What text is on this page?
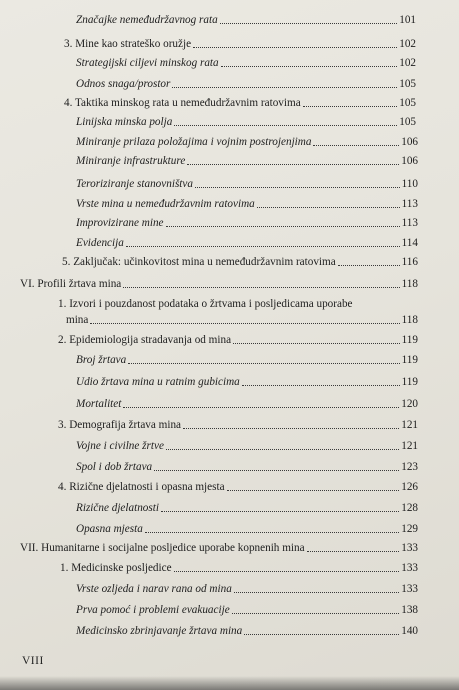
Značajke nemeđudržavnog rata	101
3. Mine kao strateško oružje	102
Strategijski ciljevi minskog rata	102
Odnos snaga/prostor	105
4. Taktika minskog rata u nemeđudržavnim ratovima	105
Linijska minska polja	105
Miniranje prilaza položajima i vojnim postrojenjima	106
Miniranje infrastrukture	106
Teroriziranje stanovništva	110
Vrste mina u nemeđudržavnim ratovima	113
Improvizirane mine	113
Evidencija	114
5. Zaključak: učinkovitost mina u nemeđudržavnim ratovima	116
VI. Profili žrtava mina	118
1. Izvori i pouzdanost podataka o žrtvama i posljedicama uporabe
mina	118
2. Epidemiologija stradavanja od mina	119
Broj žrtava	119
Udio žrtava mina u ratnim gubicima	119
Mortalitet	120
3. Demografija žrtava mina	121
Vojne i civilne žrtve	121
Spol i dob žrtava	123
4. Rizične djelatnosti i opasna mjesta	126
Rizične djelatnosti	128
Opasna mjesta	129
VII. Humanitarne i socijalne posljedice uporabe kopnenih mina	133
1. Medicinske posljedice	133
Vrste ozljeda i narav rana od mina	133
Prva pomoć i problemi evakuacije	138
Medicinsko zbrinjavanje žrtava mina	140
VIII
